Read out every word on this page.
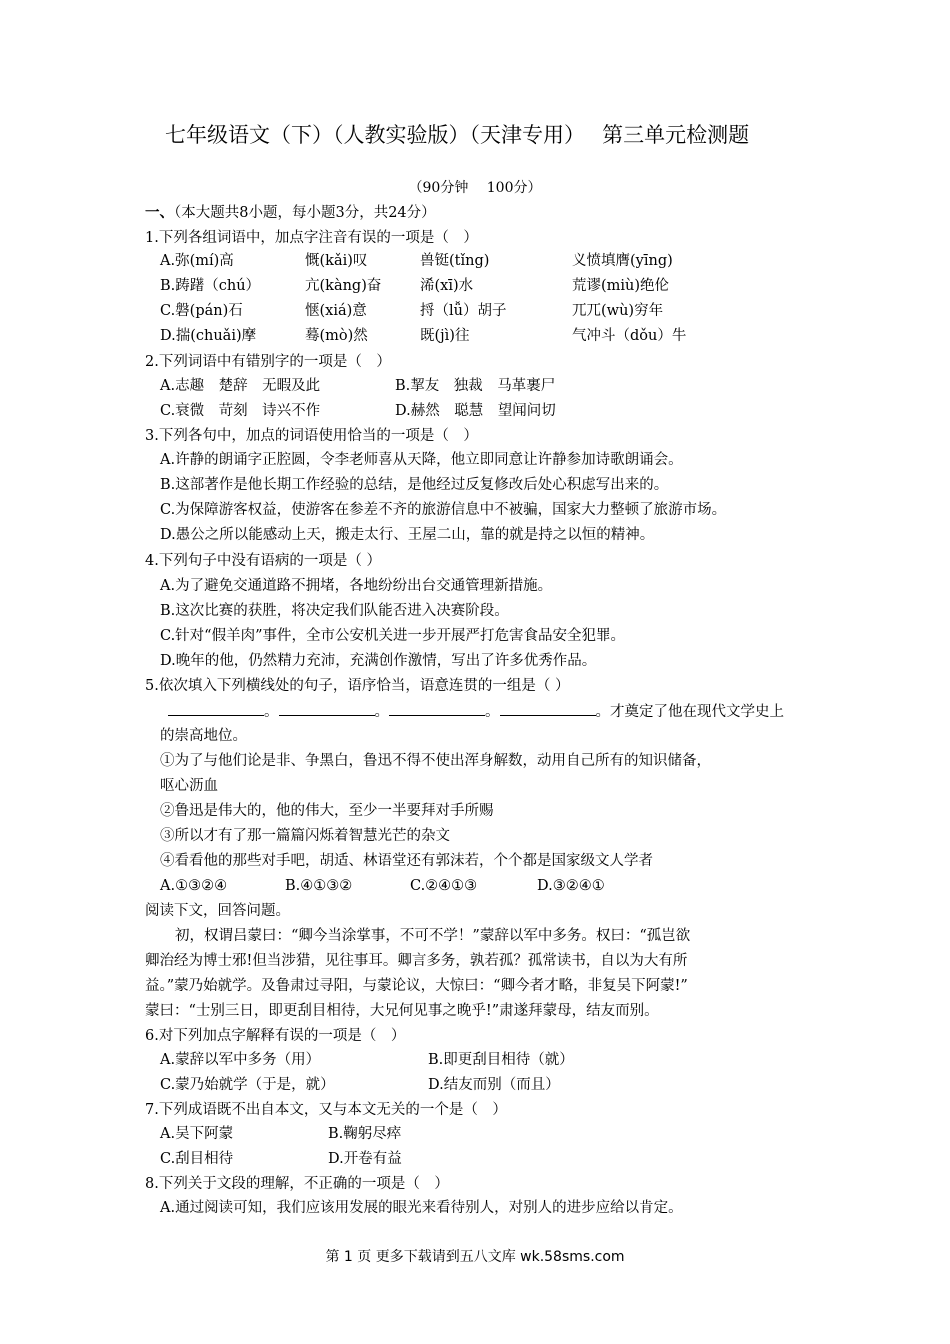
七年级语文（下）（人教实验版）（天津专用）　 第三单元检测题
（90分钟　 100分）
一、（本大题共8小题，每小题3分，共24分）
1.下列各组词语中，加点字注音有误的一项是（　）
A.弥(mí)高	慨(kǎi)叹	兽铤(tǐng)	义愤填膺(yīng)
B.踌躇（chú）	亢(kàng)奋	浠(xī)水	荒谬(miù)绝伦
C.磐(pán)石	惬(xiá)意	捋（lǚ）胡子	兀兀(wù)穷年
D.揣(chuǎi)摩	蓦(mò)然	既(jì)往	气冲斗（dǒu）牛
2.下列词语中有错别字的一项是（　）
A.志趣　楚辞　无暇及此	B.挈友　独裁　马革裹尸
C.衰微　苛刻　诗兴不作	D.赫然　聪慧　望闻问切
3.下列各句中，加点的词语使用恰当的一项是（　）
A.许静的朗诵字正腔圆，令李老师喜从天降，他立即同意让许静参加诗歌朗诵会。
B.这部著作是他长期工作经验的总结，是他经过反复修改后处心积虑写出来的。
C.为保障游客权益，使游客在参差不齐的旅游信息中不被骗，国家大力整顿了旅游市场。
D.愚公之所以能感动上天，搬走太行、王屋二山，靠的就是持之以恒的精神。
4.下列句子中没有语病的一项是（ ）
A.为了避免交通道路不拥堵，各地纷纷出台交通管理新措施。
B.这次比赛的获胜，将决定我们队能否进入决赛阶段。
C.针对“假羊肉”事件，全市公安机关进一步开展严打危害食品安全犯罪。
D.晚年的他，仍然精力充沛，充满创作激情，写出了许多优秀作品。
5.依次填入下列横线处的句子，语序恰当，语意连贯的一组是（ ）
。	。	。	。才奠定了他在现代文学史上
的崇高地位。
①为了与他们论是非、争黑白，鲁迅不得不使出浑身解数，动用自己所有的知识储备，
呕心沥血
②鲁迅是伟大的，他的伟大，至少一半要拜对手所赐
③所以才有了那一篇篇闪烁着智慧光芒的杂文
④看看他的那些对手吧，胡适、林语堂还有郭沫若，个个都是国家级文人学者
A.①③②④	B.④①③②	C.②④①③	D.③②④①
阅读下文，回答问题。
初，权谓吕蒙曰：“卿今当涂掌事，不可不学！”蒙辞以军中多务。权曰：“孤岂欲
卿治经为博士邪!但当涉猎，见往事耳。卿言多务，孰若孤？孤常读书，自以为大有所
益。”蒙乃始就学。及鲁肃过寻阳，与蒙论议，大惊曰：“卿今者才略，非复吴下阿蒙!”
蒙曰：“士别三日，即更刮目相待，大兄何见事之晚乎!”肃遂拜蒙母，结友而别。
6.对下列加点字解释有误的一项是（　）
A.蒙辞以军中多务（用）	B.即更刮目相待（就）
C.蒙乃始就学（于是，就）	D.结友而别（而且）
7.下列成语既不出自本文，又与本文无关的一个是（　）
A.吴下阿蒙	B.鞠躬尽瘁
C.刮目相待	D.开卷有益
8.下列关于文段的理解，不正确的一项是（　）
A.通过阅读可知，我们应该用发展的眼光来看待别人，对别人的进步应给以肯定。
第 1 页 更多下载请到五八文库 wk.58sms.com
